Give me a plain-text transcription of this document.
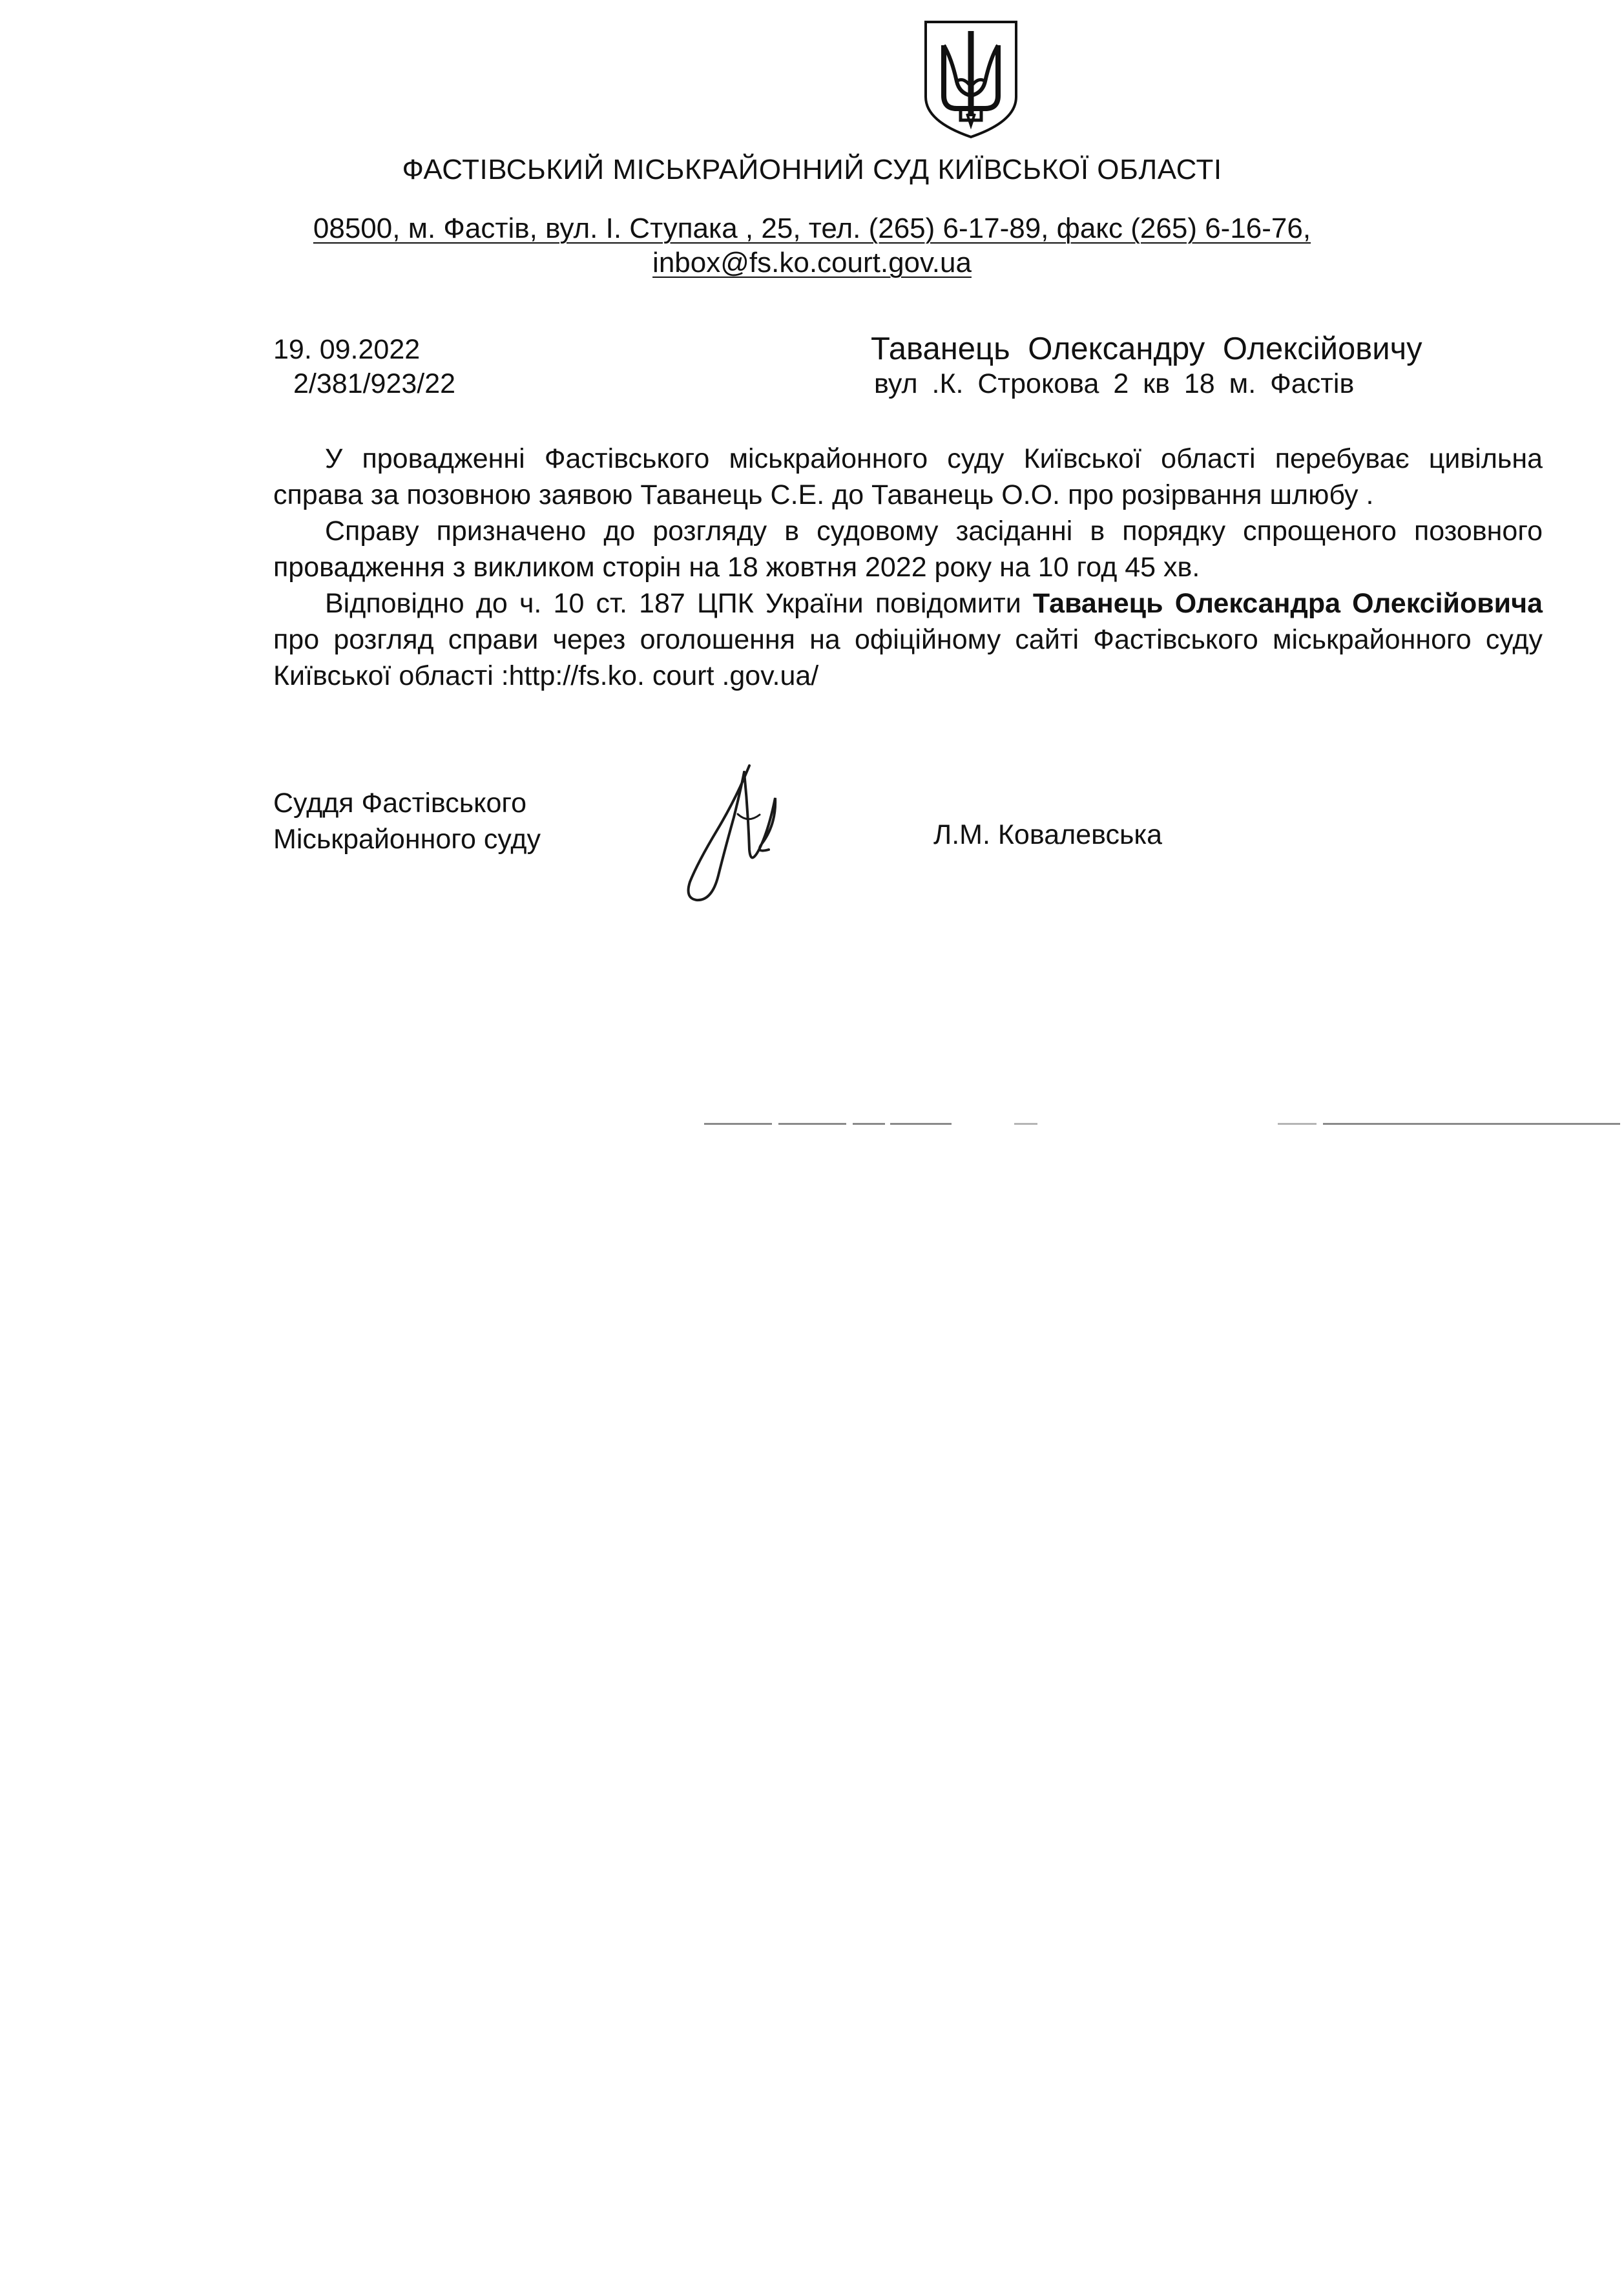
ФАСТІВСЬКИЙ МІСЬКРАЙОННИЙ СУД КИЇВСЬКОЇ ОБЛАСТІ
08500, м. Фастів, вул. І. Ступака , 25, тел. (265) 6-17-89, факс (265) 6-16-76,
inbox@fs.ko.court.gov.ua
19. 09.2022
2/381/923/22
Таванець Олександру Олексійовичу
вул .К. Строкова 2 кв 18 м. Фастів

У провадженні Фастівського міськрайонного суду Київської області перебуває цивільна справа за позовною заявою Таванець С.Е. до Таванець О.О. про розірвання шлюбу .

Справу призначено до розгляду в судовому засіданні в порядку спрощеного позовного провадження з викликом сторін на 18 жовтня 2022 року на 10 год 45 хв.

Відповідно до ч. 10 ст. 187 ЦПК України повідомити Таванець Олександра Олексійовича про розгляд справи через оголошення на офіційному сайті Фастівського міськрайонного суду Київської області :http://fs.ko. court .gov.ua/

Суддя Фастівського
Міськрайонного суду	Л.М. Ковалевська
